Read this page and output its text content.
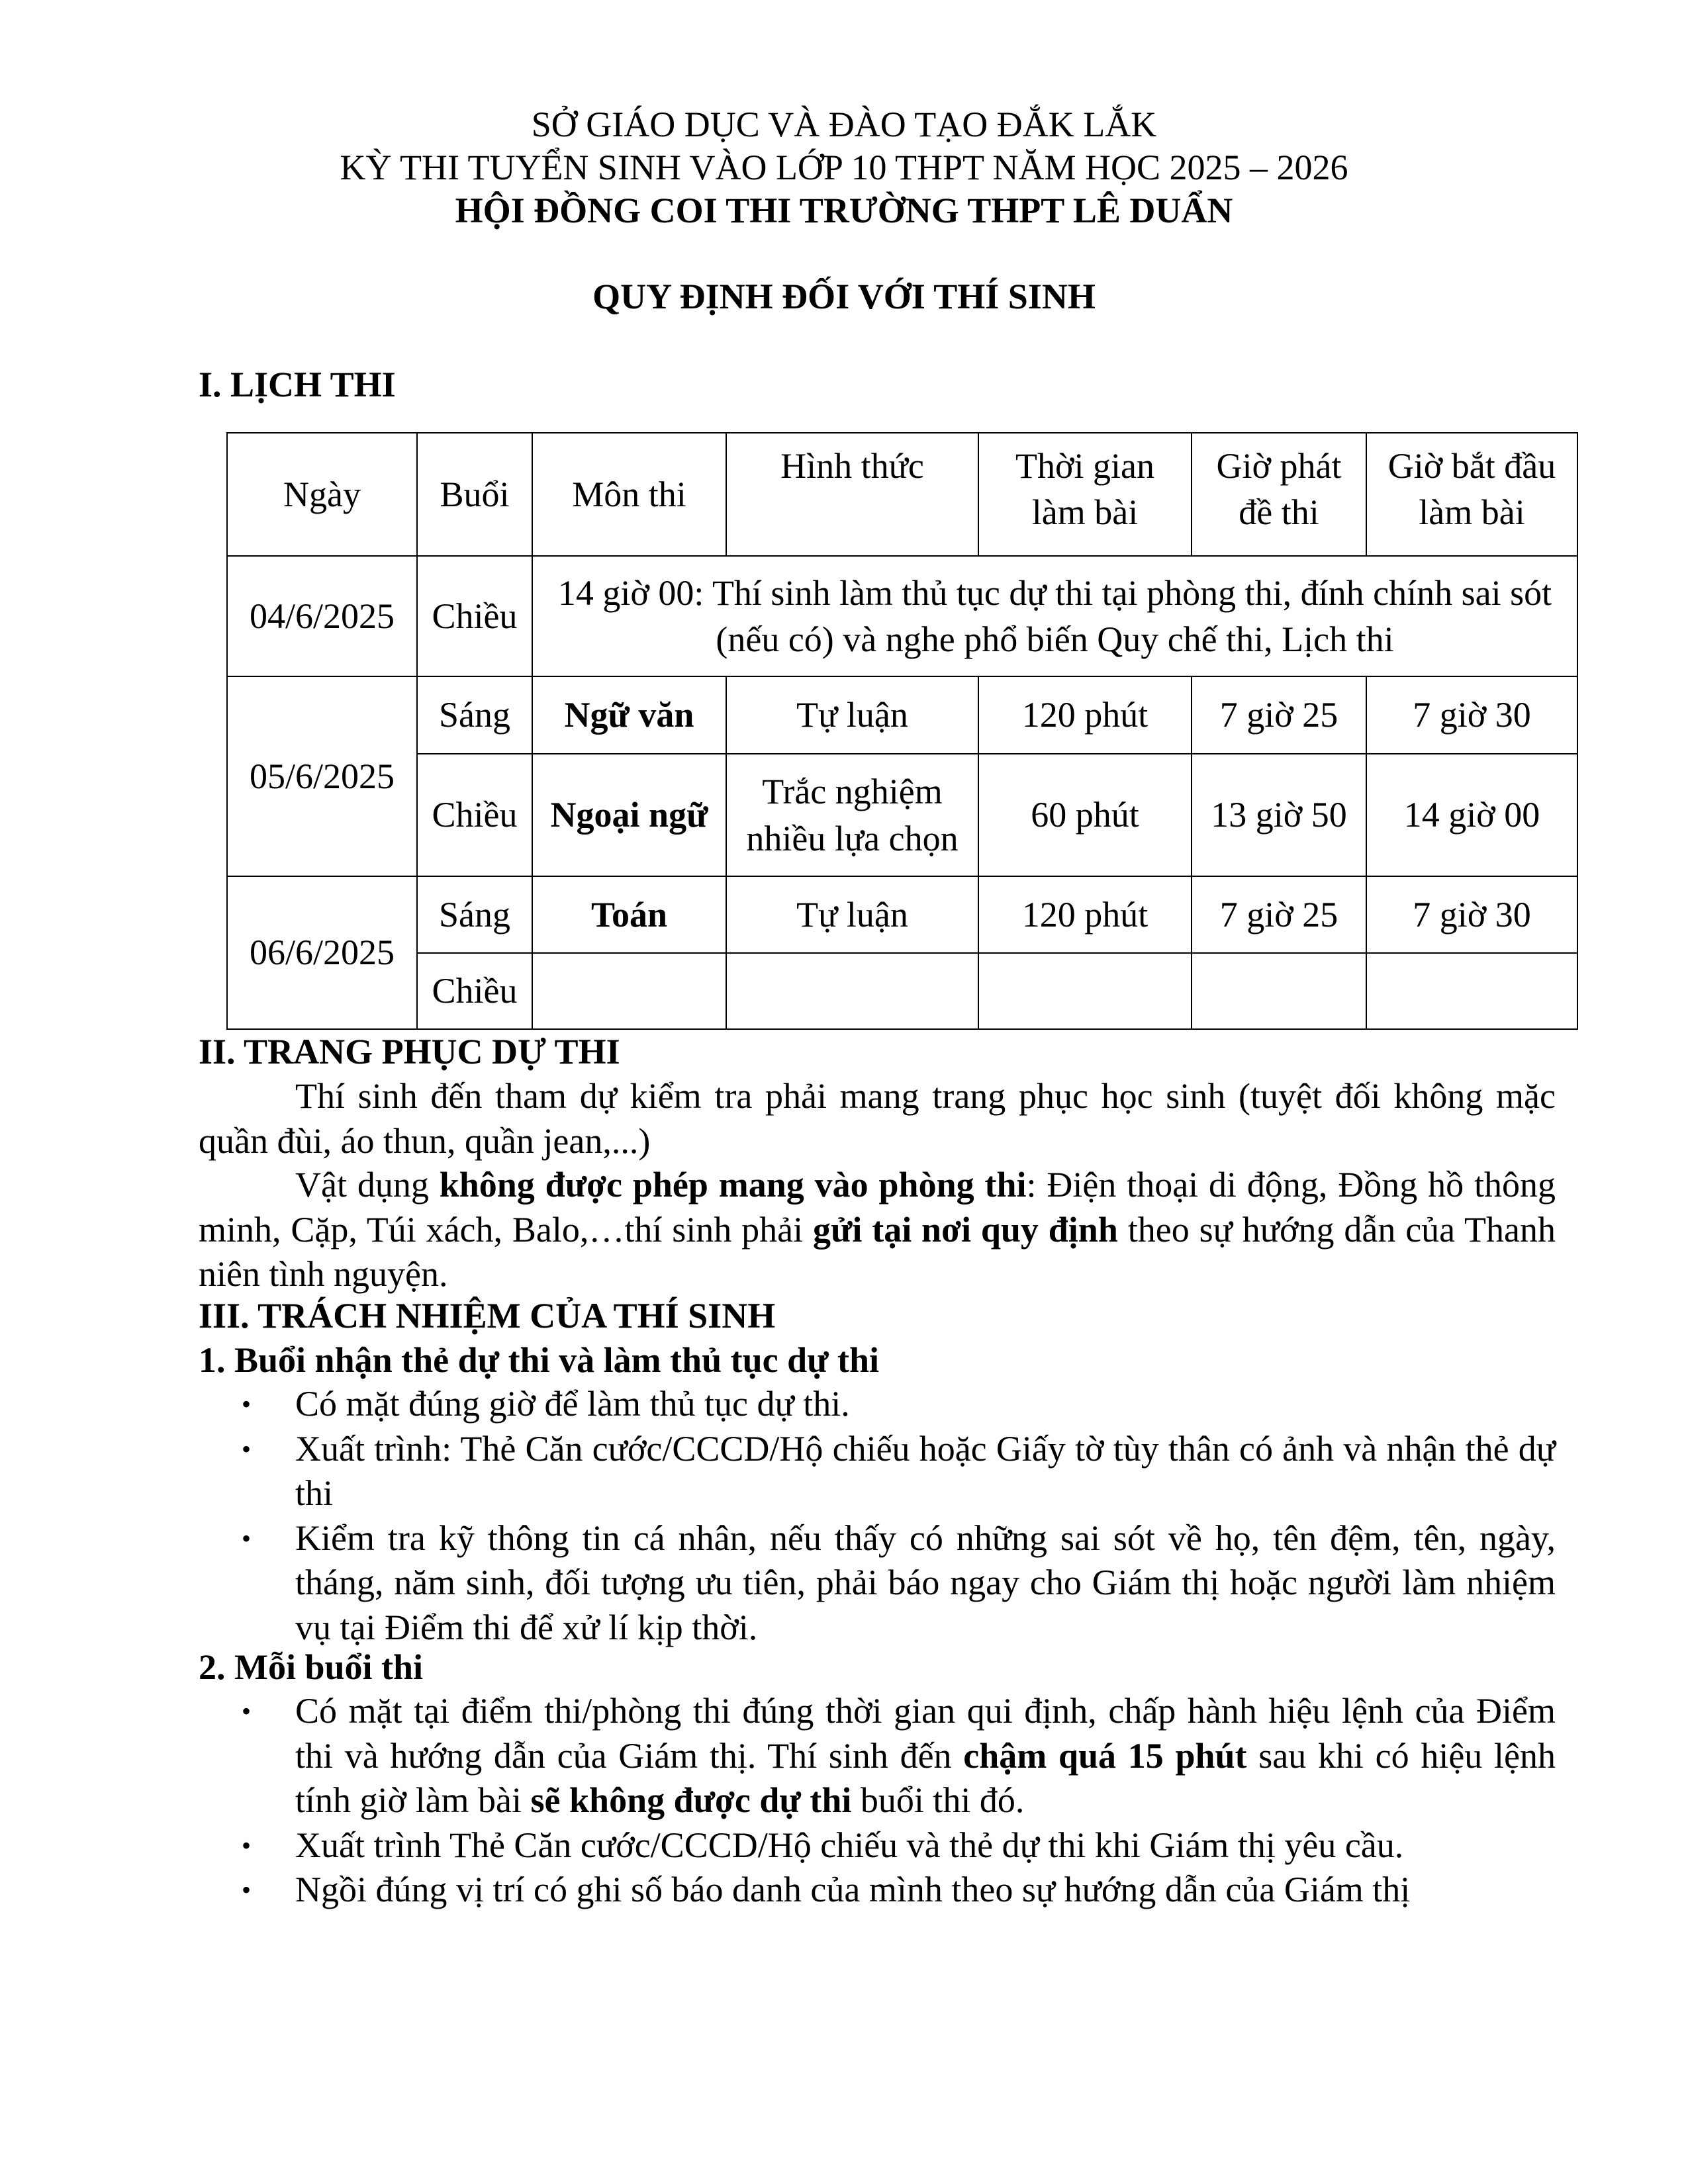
SỞ GIÁO DỤC VÀ ĐÀO TẠO ĐẮK LẮK
KỲ THI TUYỂN SINH VÀO LỚP 10 THPT NĂM HỌC 2025 – 2026
HỘI ĐỒNG COI THI TRƯỜNG THPT LÊ DUẨN
QUY ĐỊNH ĐỐI VỚI THÍ SINH
I. LỊCH THI
Ngày	Buổi	Môn thi	Hình thức	Thời gian làm bài	Giờ phát đề thi	Giờ bắt đầu làm bài
04/6/2025	Chiều	14 giờ 00: Thí sinh làm thủ tục dự thi tại phòng thi, đính chính sai sót (nếu có) và nghe phổ biến Quy chế thi, Lịch thi				
05/6/2025	Sáng	Ngữ văn	Tự luận	120 phút	7 giờ 25	7 giờ 30
	Chiều	Ngoại ngữ	Trắc nghiệm nhiều lựa chọn	60 phút	13 giờ 50	14 giờ 00
06/6/2025	Sáng	Toán	Tự luận	120 phút	7 giờ 25	7 giờ 30
	Chiều					
II. TRANG PHỤC DỰ THI
Thí sinh đến tham dự kiểm tra phải mang trang phục học sinh (tuyệt đối không mặc quần đùi, áo thun, quần jean,...)
Vật dụng không được phép mang vào phòng thi: Điện thoại di động, Đồng hồ thông minh, Cặp, Túi xách, Balo,…thí sinh phải gửi tại nơi quy định theo sự hướng dẫn của Thanh niên tình nguyện.
III. TRÁCH NHIỆM CỦA THÍ SINH
1. Buổi nhận thẻ dự thi và làm thủ tục dự thi
• Có mặt đúng giờ để làm thủ tục dự thi.
• Xuất trình: Thẻ Căn cước/CCCD/Hộ chiếu hoặc Giấy tờ tùy thân có ảnh và nhận thẻ dự thi
• Kiểm tra kỹ thông tin cá nhân, nếu thấy có những sai sót về họ, tên đệm, tên, ngày, tháng, năm sinh, đối tượng ưu tiên, phải báo ngay cho Giám thị hoặc người làm nhiệm vụ tại Điểm thi để xử lí kịp thời.
2. Mỗi buổi thi
• Có mặt tại điểm thi/phòng thi đúng thời gian qui định, chấp hành hiệu lệnh của Điểm thi và hướng dẫn của Giám thị. Thí sinh đến chậm quá 15 phút sau khi có hiệu lệnh tính giờ làm bài sẽ không được dự thi buổi thi đó.
• Xuất trình Thẻ Căn cước/CCCD/Hộ chiếu và thẻ dự thi khi Giám thị yêu cầu.
• Ngồi đúng vị trí có ghi số báo danh của mình theo sự hướng dẫn của Giám thị
